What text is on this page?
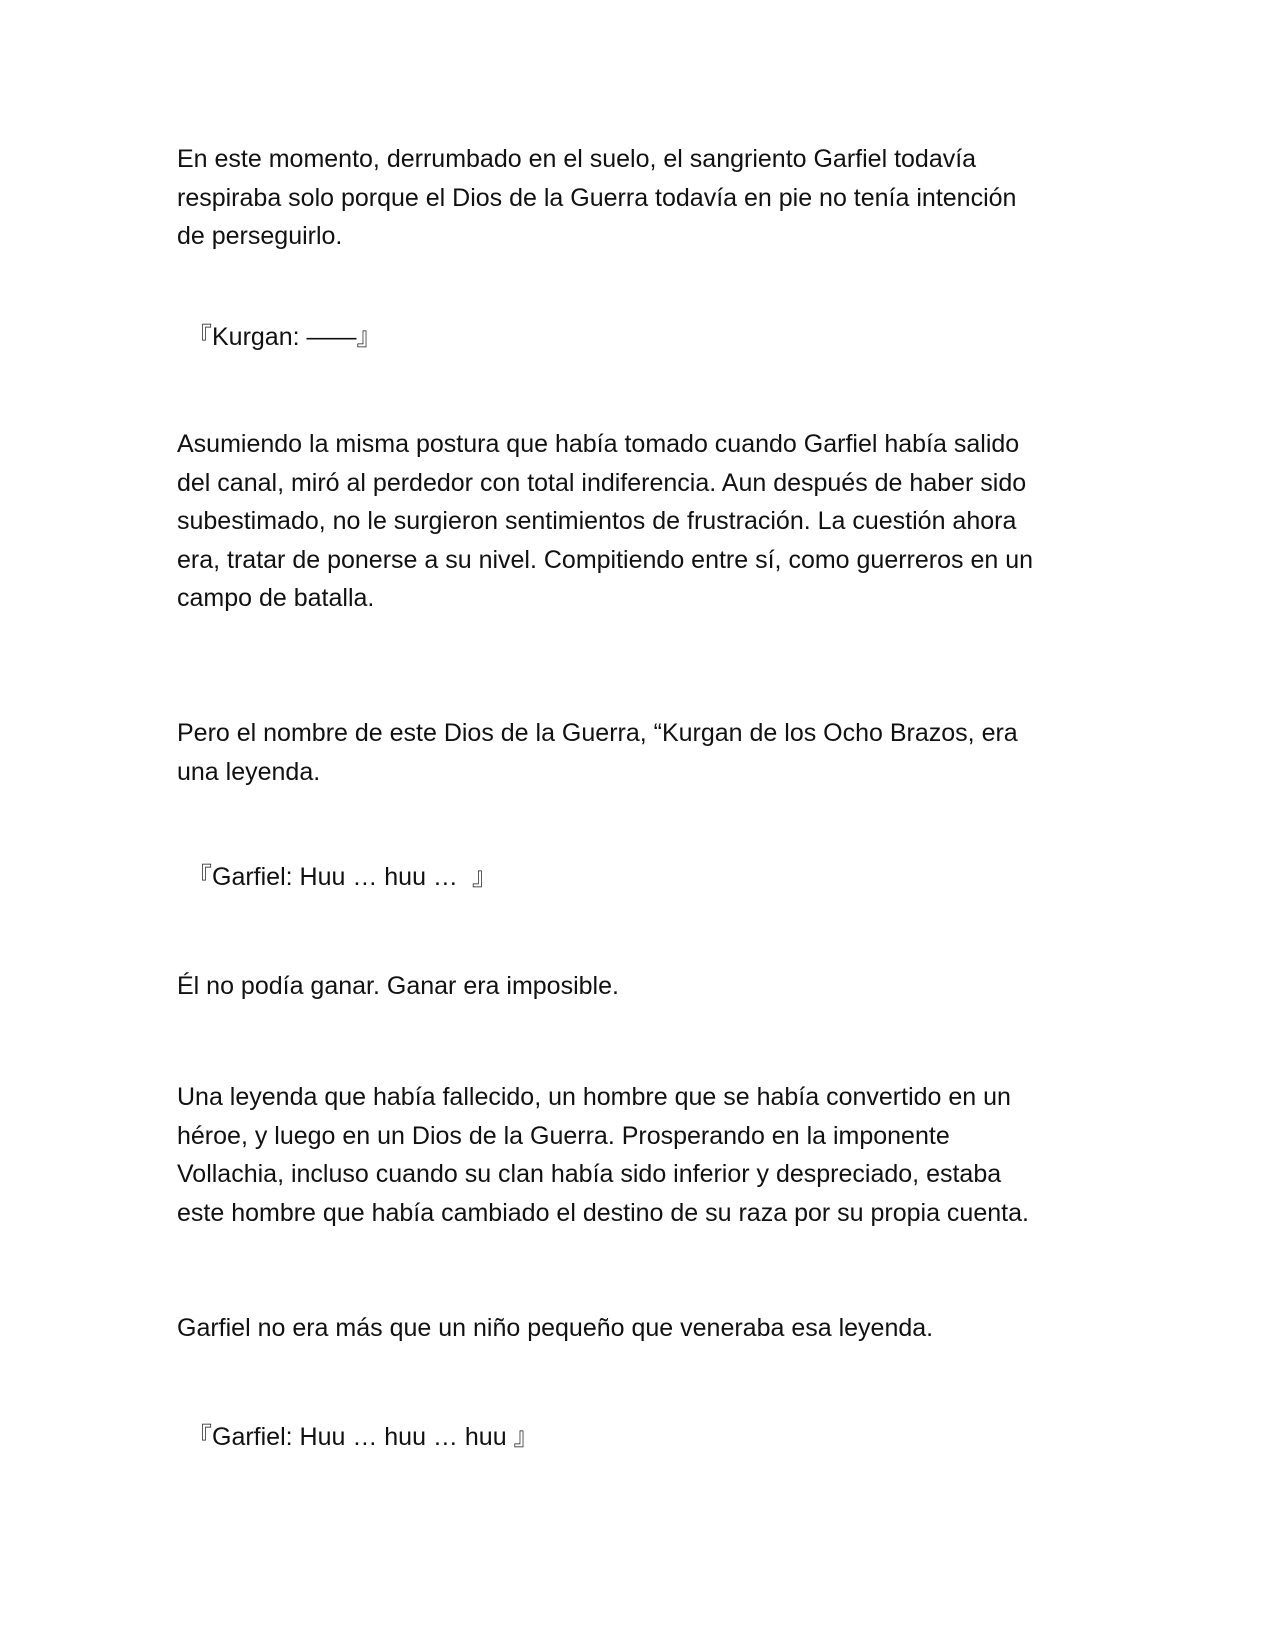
En este momento, derrumbado en el suelo, el sangriento Garfiel todavía
respiraba solo porque el Dios de la Guerra todavía en pie no tenía intención
de perseguirlo.

『Kurgan: ——』

Asumiendo la misma postura que había tomado cuando Garfiel había salido
del canal, miró al perdedor con total indiferencia. Aun después de haber sido
subestimado, no le surgieron sentimientos de frustración. La cuestión ahora
era, tratar de ponerse a su nivel. Compitiendo entre sí, como guerreros en un
campo de batalla.

Pero el nombre de este Dios de la Guerra, “Kurgan de los Ocho Brazos, era
una leyenda.

『Garfiel: Huu … huu …  』

Él no podía ganar. Ganar era imposible.

Una leyenda que había fallecido, un hombre que se había convertido en un
héroe, y luego en un Dios de la Guerra. Prosperando en la imponente
Vollachia, incluso cuando su clan había sido inferior y despreciado, estaba
este hombre que había cambiado el destino de su raza por su propia cuenta.

Garfiel no era más que un niño pequeño que veneraba esa leyenda.

『Garfiel: Huu … huu … huu 』
